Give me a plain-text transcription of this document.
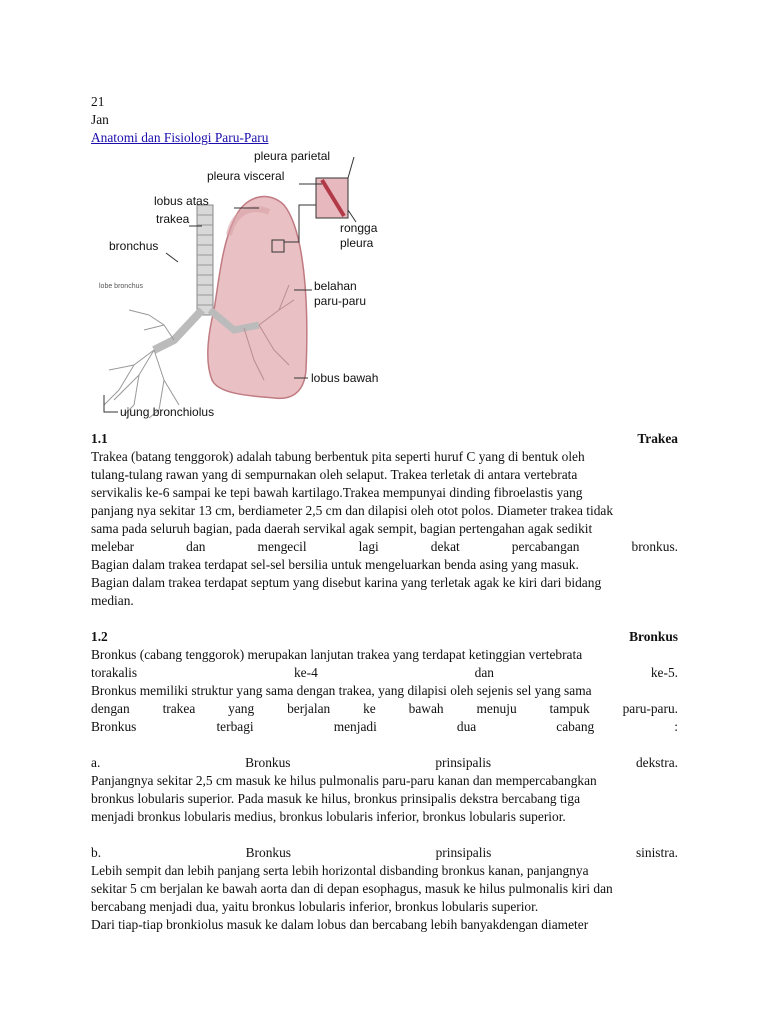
21
Jan
Anatomi dan Fisiologi Paru-Paru
pleura parietal
pleura visceral
lobus atas
trakea
bronchus
lobe bronchus
rongga
pleura
belahan
paru-paru
lobus bawah
ujung bronchiolus
1.1	Trakea

Trakea (batang tenggorok) adalah tabung berbentuk pita seperti huruf C yang di bentuk oleh

tulang-tulang rawan yang di sempurnakan oleh selaput. Trakea terletak di antara vertebrata

servikalis ke-6 sampai ke tepi bawah kartilago.Trakea mempunyai dinding fibroelastis yang

panjang nya sekitar 13 cm, berdiameter 2,5 cm dan dilapisi oleh otot polos. Diameter trakea tidak

sama pada seluruh bagian, pada daerah servikal agak sempit, bagian pertengahan agak sedikit

melebar dan mengecil lagi dekat percabangan bronkus.

Bagian dalam trakea terdapat sel-sel bersilia untuk mengeluarkan benda asing yang masuk.

Bagian dalam trakea terdapat septum yang disebut karina yang terletak agak ke kiri dari bidang

median.

1.2	Bronkus

Bronkus (cabang tenggorok) merupakan lanjutan trakea yang terdapat ketinggian vertebrata

torakalis ke-4 dan ke-5.

Bronkus memiliki struktur yang sama dengan trakea, yang dilapisi oleh sejenis sel yang sama

dengan trakea yang berjalan ke bawah menuju tampuk paru-paru.

Bronkus terbagi menjadi dua cabang :

a. Bronkus prinsipalis dekstra.

Panjangnya sekitar 2,5 cm masuk ke hilus pulmonalis paru-paru kanan dan mempercabangkan

bronkus lobularis superior. Pada masuk ke hilus, bronkus prinsipalis dekstra bercabang tiga

menjadi bronkus lobularis medius, bronkus lobularis inferior, bronkus lobularis superior.

b. Bronkus prinsipalis sinistra.

Lebih sempit dan lebih panjang serta lebih horizontal disbanding bronkus kanan, panjangnya

sekitar 5 cm berjalan ke bawah aorta dan di depan esophagus, masuk ke hilus pulmonalis kiri dan

bercabang menjadi dua, yaitu bronkus lobularis inferior, bronkus lobularis superior.

Dari tiap-tiap bronkiolus masuk ke dalam lobus dan bercabang lebih banyakdengan diameter
